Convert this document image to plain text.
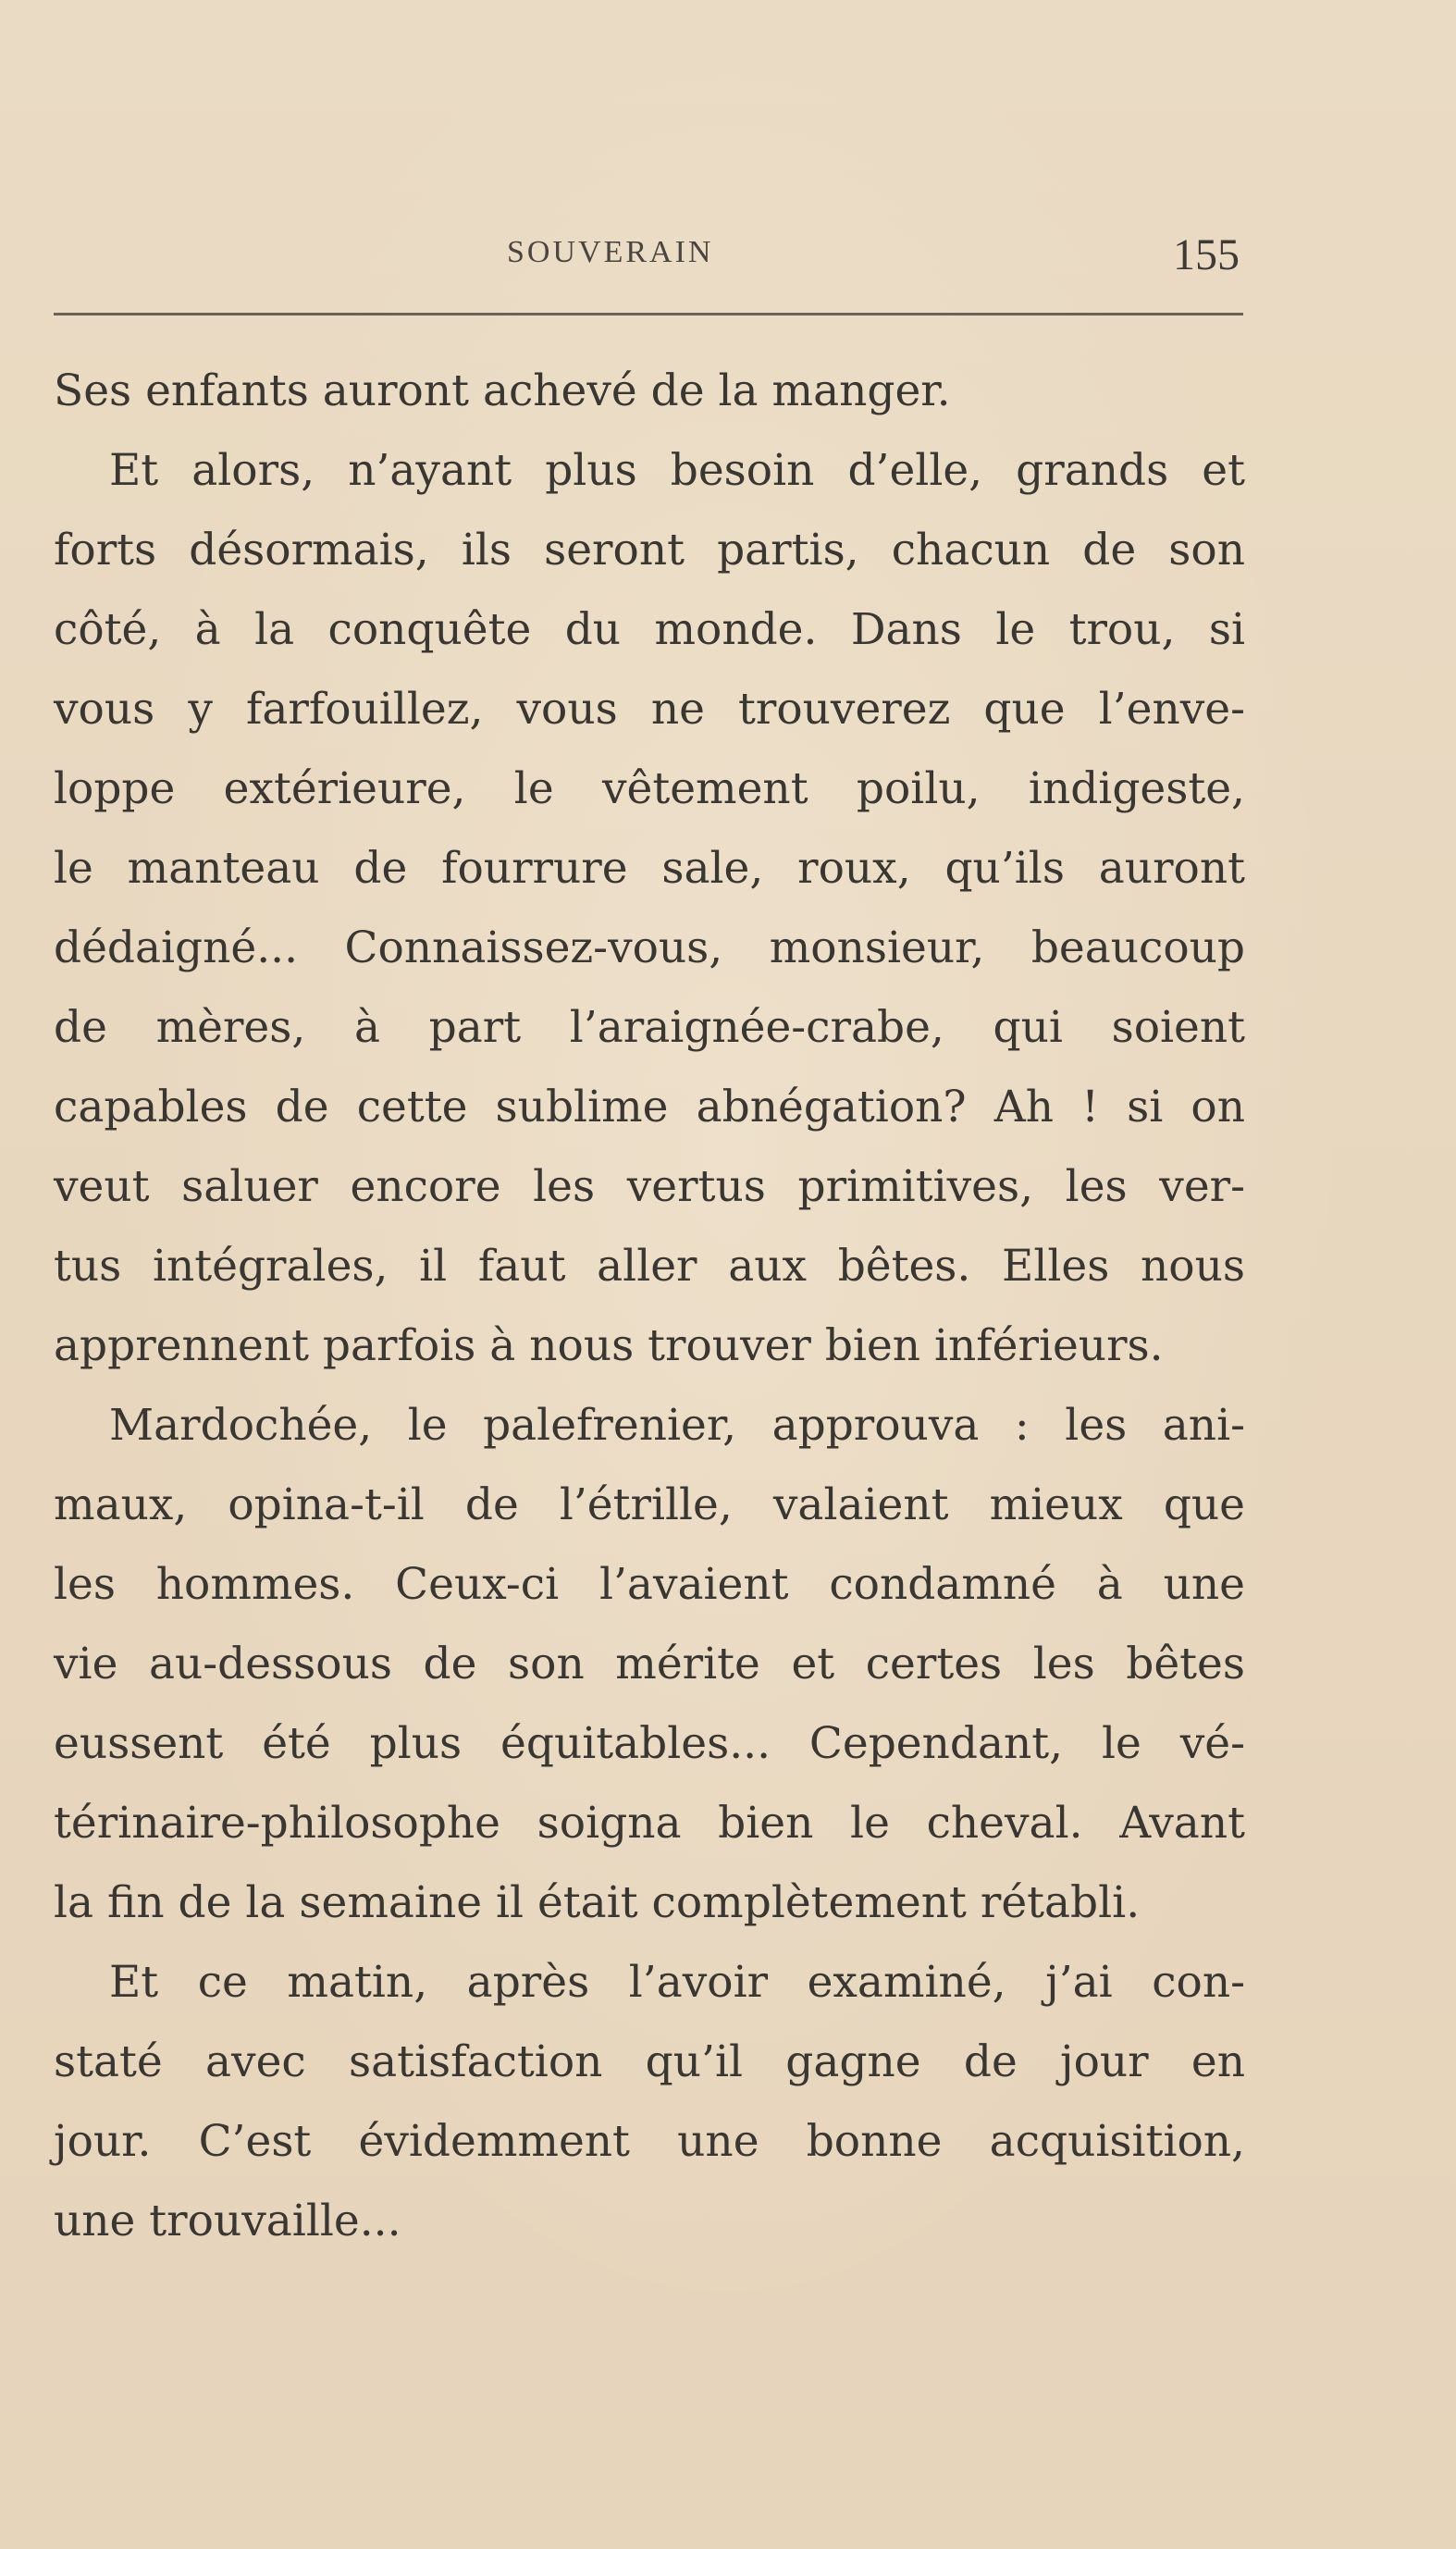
SOUVERAIN	155
Ses enfants auront achevé de la manger.
Et alors, n’ayant plus besoin d’elle, grands et
forts désormais, ils seront partis, chacun de son
côté, à la conquête du monde. Dans le trou, si
vous y farfouillez, vous ne trouverez que l’enve-
loppe extérieure, le vêtement poilu, indigeste,
le manteau de fourrure sale, roux, qu’ils auront
dédaigné... Connaissez-vous, monsieur, beaucoup
de mères, à part l’araignée-crabe, qui soient
capables de cette sublime abnégation? Ah ! si on
veut saluer encore les vertus primitives, les ver-
tus intégrales, il faut aller aux bêtes. Elles nous
apprennent parfois à nous trouver bien inférieurs.
Mardochée, le palefrenier, approuva : les ani-
maux, opina-t-il de l’étrille, valaient mieux que
les hommes. Ceux-ci l’avaient condamné à une
vie au-dessous de son mérite et certes les bêtes
eussent été plus équitables... Cependant, le vé-
térinaire-philosophe soigna bien le cheval. Avant
la fin de la semaine il était complètement rétabli.
Et ce matin, après l’avoir examiné, j’ai con-
staté avec satisfaction qu’il gagne de jour en
jour. C’est évidemment une bonne acquisition,
une trouvaille...
